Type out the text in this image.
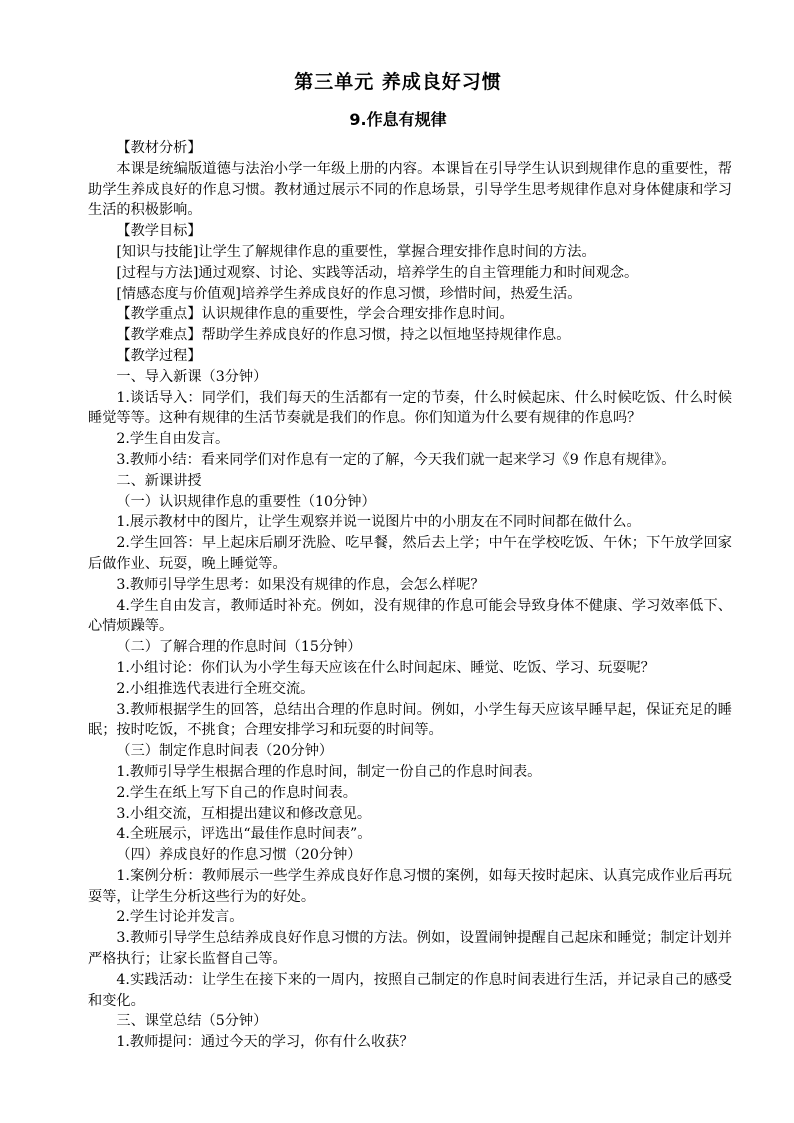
第三单元 养成良好习惯
9.作息有规律

【教材分析】

本课是统编版道德与法治小学一年级上册的内容。本课旨在引导学生认识到规律作息的重要性，帮助学生养成良好的作息习惯。教材通过展示不同的作息场景，引导学生思考规律作息对身体健康和学习生活的积极影响。

【教学目标】

[知识与技能]让学生了解规律作息的重要性，掌握合理安排作息时间的方法。

[过程与方法]通过观察、讨论、实践等活动，培养学生的自主管理能力和时间观念。

[情感态度与价值观]培养学生养成良好的作息习惯，珍惜时间，热爱生活。

【教学重点】认识规律作息的重要性，学会合理安排作息时间。

【教学难点】帮助学生养成良好的作息习惯，持之以恒地坚持规律作息。

【教学过程】

一、导入新课（3分钟）

1.谈话导入：同学们，我们每天的生活都有一定的节奏，什么时候起床、什么时候吃饭、什么时候睡觉等等。这种有规律的生活节奏就是我们的作息。你们知道为什么要有规律的作息吗？

2.学生自由发言。

3.教师小结：看来同学们对作息有一定的了解，今天我们就一起来学习《9 作息有规律》。

二、新课讲授

（一）认识规律作息的重要性（10分钟）

1.展示教材中的图片，让学生观察并说一说图片中的小朋友在不同时间都在做什么。

2.学生回答：早上起床后刷牙洗脸、吃早餐，然后去上学；中午在学校吃饭、午休；下午放学回家后做作业、玩耍，晚上睡觉等。

3.教师引导学生思考：如果没有规律的作息，会怎么样呢？

4.学生自由发言，教师适时补充。例如，没有规律的作息可能会导致身体不健康、学习效率低下、心情烦躁等。

（二）了解合理的作息时间（15分钟）

1.小组讨论：你们认为小学生每天应该在什么时间起床、睡觉、吃饭、学习、玩耍呢？

2.小组推选代表进行全班交流。

3.教师根据学生的回答，总结出合理的作息时间。例如，小学生每天应该早睡早起，保证充足的睡眠；按时吃饭，不挑食；合理安排学习和玩耍的时间等。

（三）制定作息时间表（20分钟）

1.教师引导学生根据合理的作息时间，制定一份自己的作息时间表。

2.学生在纸上写下自己的作息时间表。

3.小组交流，互相提出建议和修改意见。

4.全班展示，评选出“最佳作息时间表”。

（四）养成良好的作息习惯（20分钟）

1.案例分析：教师展示一些学生养成良好作息习惯的案例，如每天按时起床、认真完成作业后再玩耍等，让学生分析这些行为的好处。

2.学生讨论并发言。

3.教师引导学生总结养成良好作息习惯的方法。例如，设置闹钟提醒自己起床和睡觉；制定计划并严格执行；让家长监督自己等。

4.实践活动：让学生在接下来的一周内，按照自己制定的作息时间表进行生活，并记录自己的感受和变化。

三、课堂总结（5分钟）

1.教师提问：通过今天的学习，你有什么收获？
